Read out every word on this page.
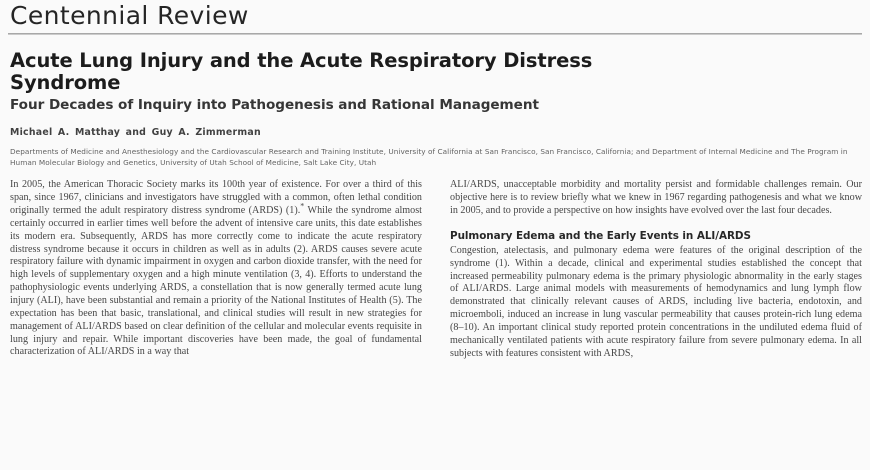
Centennial Review
Acute Lung Injury and the Acute Respiratory Distress Syndrome
Four Decades of Inquiry into Pathogenesis and Rational Management
Michael A. Matthay and Guy A. Zimmerman
Departments of Medicine and Anesthesiology and the Cardiovascular Research and Training Institute, University of California at San Francisco, San Francisco, California; and Department of Internal Medicine and The Program in Human Molecular Biology and Genetics, University of Utah School of Medicine, Salt Lake City, Utah

In 2005, the American Thoracic Society marks its 100th year of existence. For over a third of this span, since 1967, clinicians and investigators have struggled with a common, often lethal condition originally termed the adult respiratory distress syndrome (ARDS) (1).* While the syndrome almost certainly occurred in earlier times well before the advent of intensive care units, this date establishes its modern era. Subsequently, ARDS has more correctly come to indicate the acute respiratory distress syndrome because it occurs in children as well as in adults (2). ARDS causes severe acute respiratory failure with dynamic impairment in oxygen and carbon dioxide transfer, with the need for high levels of supplementary oxygen and a high minute ventilation (3, 4). Efforts to understand the pathophysiologic events underlying ARDS, a constellation that is now generally termed acute lung injury (ALI), have been substantial and remain a priority of the National Institutes of Health (5). The expectation has been that basic, translational, and clinical studies will result in new strategies for management of ALI/ARDS based on clear definition of the cellular and molecular events requisite in lung injury and repair. While important discoveries have been made, the goal of fundamental characterization of ALI/ARDS in a way that

ALI/ARDS, unacceptable morbidity and mortality persist and formidable challenges remain. Our objective here is to review briefly what we knew in 1967 regarding pathogenesis and what we know in 2005, and to provide a perspective on how insights have evolved over the last four decades.

Pulmonary Edema and the Early Events in ALI/ARDS

Congestion, atelectasis, and pulmonary edema were features of the original description of the syndrome (1). Within a decade, clinical and experimental studies established the concept that increased permeability pulmonary edema is the primary physiologic abnormality in the early stages of ALI/ARDS. Large animal models with measurements of hemodynamics and lung lymph flow demonstrated that clinically relevant causes of ARDS, including live bacteria, endotoxin, and microemboli, induced an increase in lung vascular permeability that causes protein-rich lung edema (8–10). An important clinical study reported protein concentrations in the undiluted edema fluid of mechanically ventilated patients with acute respiratory failure from severe pulmonary edema. In all subjects with features consistent with ARDS,
